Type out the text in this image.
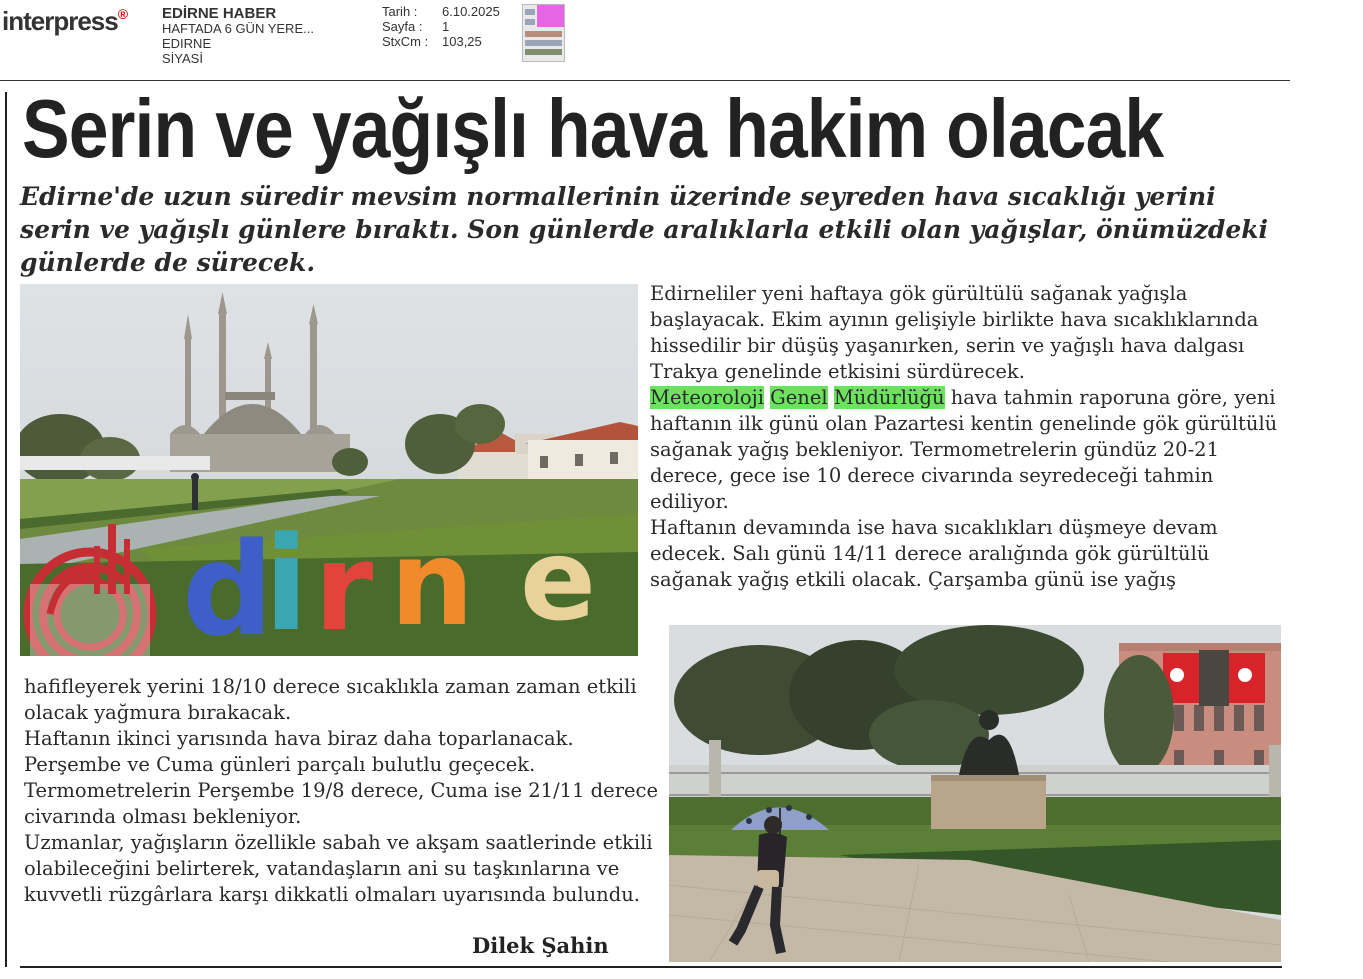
interpress® EDİRNE HABER
HAFTADA 6 GÜN YERE...
EDIRNE
SİYASİ
Tarih :	6.10.2025
Sayfa :	1
StxCm :	103,25
Serin ve yağışlı hava hakim olacak

Edirne'de uzun süredir mevsim normallerinin üzerinde seyreden hava sıcaklığı yerini serin ve yağışlı günlere bıraktı. Son günlerde aralıklarla etkili olan yağışlar, önümüzdeki günlerde de sürecek.

d
i r n e

Edirneliler yeni haftaya gök gürültülü sağanak yağışla başlayacak. Ekim ayının gelişiyle birlikte hava sıcaklıklarında hissedilir bir düşüş yaşanırken, serin ve yağışlı hava dalgası Trakya genelinde etkisini sürdürecek.

Meteoroloji Genel Müdürlüğü hava tahmin raporuna göre, yeni haftanın ilk günü olan Pazartesi kentin genelinde gök gürültülü sağanak yağış bekleniyor. Termometrelerin gündüz 20-21 derece, gece ise 10 derece civarında seyredeceği tahmin ediliyor.

Haftanın devamında ise hava sıcaklıkları düşmeye devam edecek. Salı günü 14/11 derece aralığında gök gürültülü sağanak yağış etkili olacak. Çarşamba günü ise yağış

hafifleyerek yerini 18/10 derece sıcaklıkla zaman zaman etkili olacak yağmura bırakacak.

Haftanın ikinci yarısında hava biraz daha toparlanacak. Perşembe ve Cuma günleri parçalı bulutlu geçecek.

Termometrelerin Perşembe 19/8 derece, Cuma ise 21/11 derece civarında olması bekleniyor.

Uzmanlar, yağışların özellikle sabah ve akşam saatlerinde etkili olabileceğini belirterek, vatandaşların ani su taşkınlarına ve kuvvetli rüzgârlara karşı dikkatli olmaları uyarısında bulundu.

Dilek Şahin
